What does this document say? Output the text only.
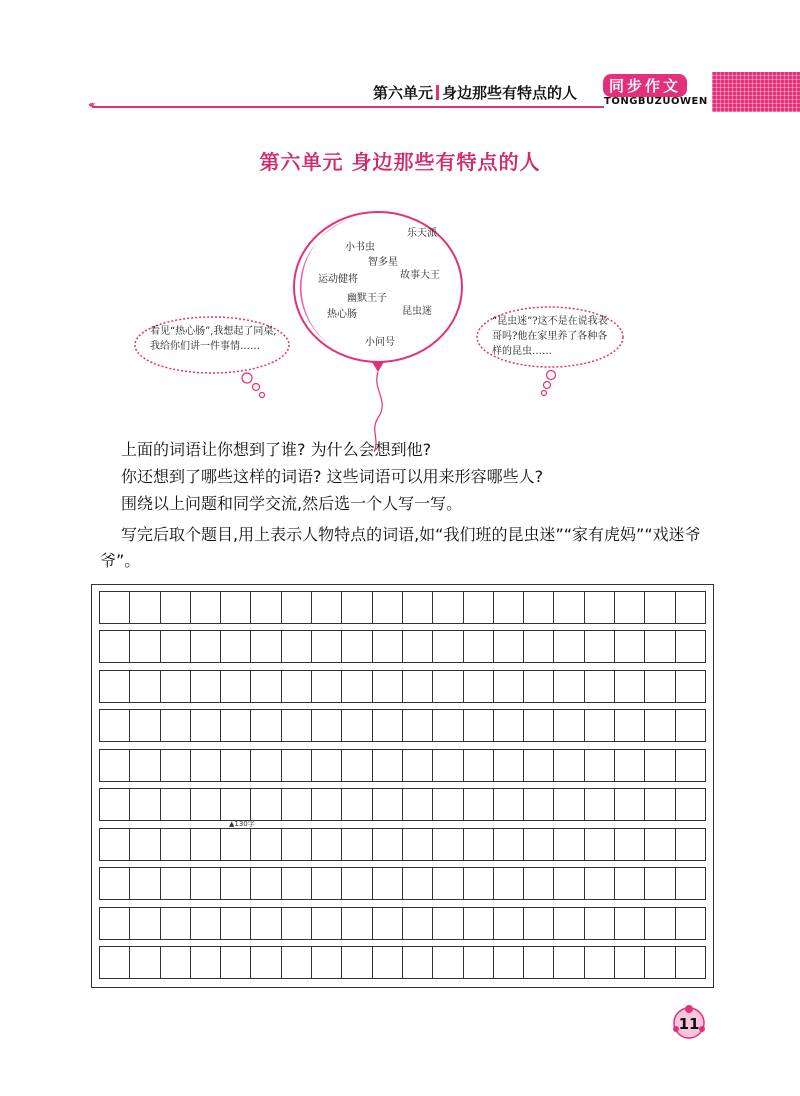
‹‹‹
第六单元 身边那些有特点的人	同步作文
TONGBUZUOWEN
第六单元 身边那些有特点的人
乐天派
小书虫
智多星
运动健将	故事大王
幽默王子
昆虫迷
热心肠
小问号
看见“热心肠”,我想起了同桌,我给你们讲一件事情……
“昆虫迷”?这不是在说我表哥吗?他在家里养了各种各样的昆虫……
上面的词语让你想到了谁? 为什么会想到他?
你还想到了哪些这样的词语? 这些词语可以用来形容哪些人?
围绕以上问题和同学交流,然后选一个人写一写。
写完后取个题目,用上表示人物特点的词语,如“我们班的昆虫迷”“家有虎妈”“戏迷爷爷”。
▲130字
11
